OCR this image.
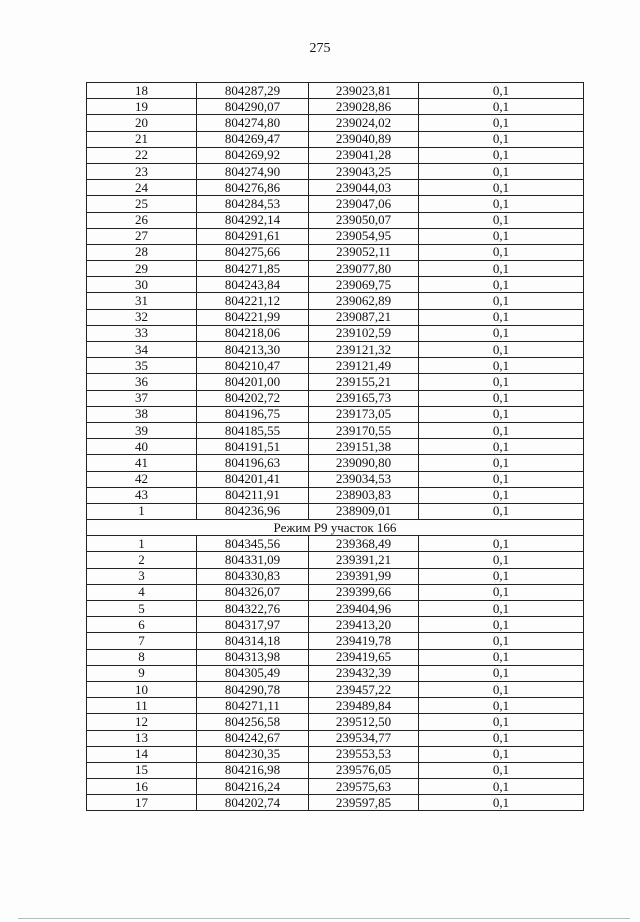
275
18	804287,29	239023,81	0,1
19	804290,07	239028,86	0,1
20	804274,80	239024,02	0,1
21	804269,47	239040,89	0,1
22	804269,92	239041,28	0,1
23	804274,90	239043,25	0,1
24	804276,86	239044,03	0,1
25	804284,53	239047,06	0,1
26	804292,14	239050,07	0,1
27	804291,61	239054,95	0,1
28	804275,66	239052,11	0,1
29	804271,85	239077,80	0,1
30	804243,84	239069,75	0,1
31	804221,12	239062,89	0,1
32	804221,99	239087,21	0,1
33	804218,06	239102,59	0,1
34	804213,30	239121,32	0,1
35	804210,47	239121,49	0,1
36	804201,00	239155,21	0,1
37	804202,72	239165,73	0,1
38	804196,75	239173,05	0,1
39	804185,55	239170,55	0,1
40	804191,51	239151,38	0,1
41	804196,63	239090,80	0,1
42	804201,41	239034,53	0,1
43	804211,91	238903,83	0,1
1	804236,96	238909,01	0,1
Режим Р9 участок 166			
1	804345,56	239368,49	0,1
2	804331,09	239391,21	0,1
3	804330,83	239391,99	0,1
4	804326,07	239399,66	0,1
5	804322,76	239404,96	0,1
6	804317,97	239413,20	0,1
7	804314,18	239419,78	0,1
8	804313,98	239419,65	0,1
9	804305,49	239432,39	0,1
10	804290,78	239457,22	0,1
11	804271,11	239489,84	0,1
12	804256,58	239512,50	0,1
13	804242,67	239534,77	0,1
14	804230,35	239553,53	0,1
15	804216,98	239576,05	0,1
16	804216,24	239575,63	0,1
17	804202,74	239597,85	0,1
